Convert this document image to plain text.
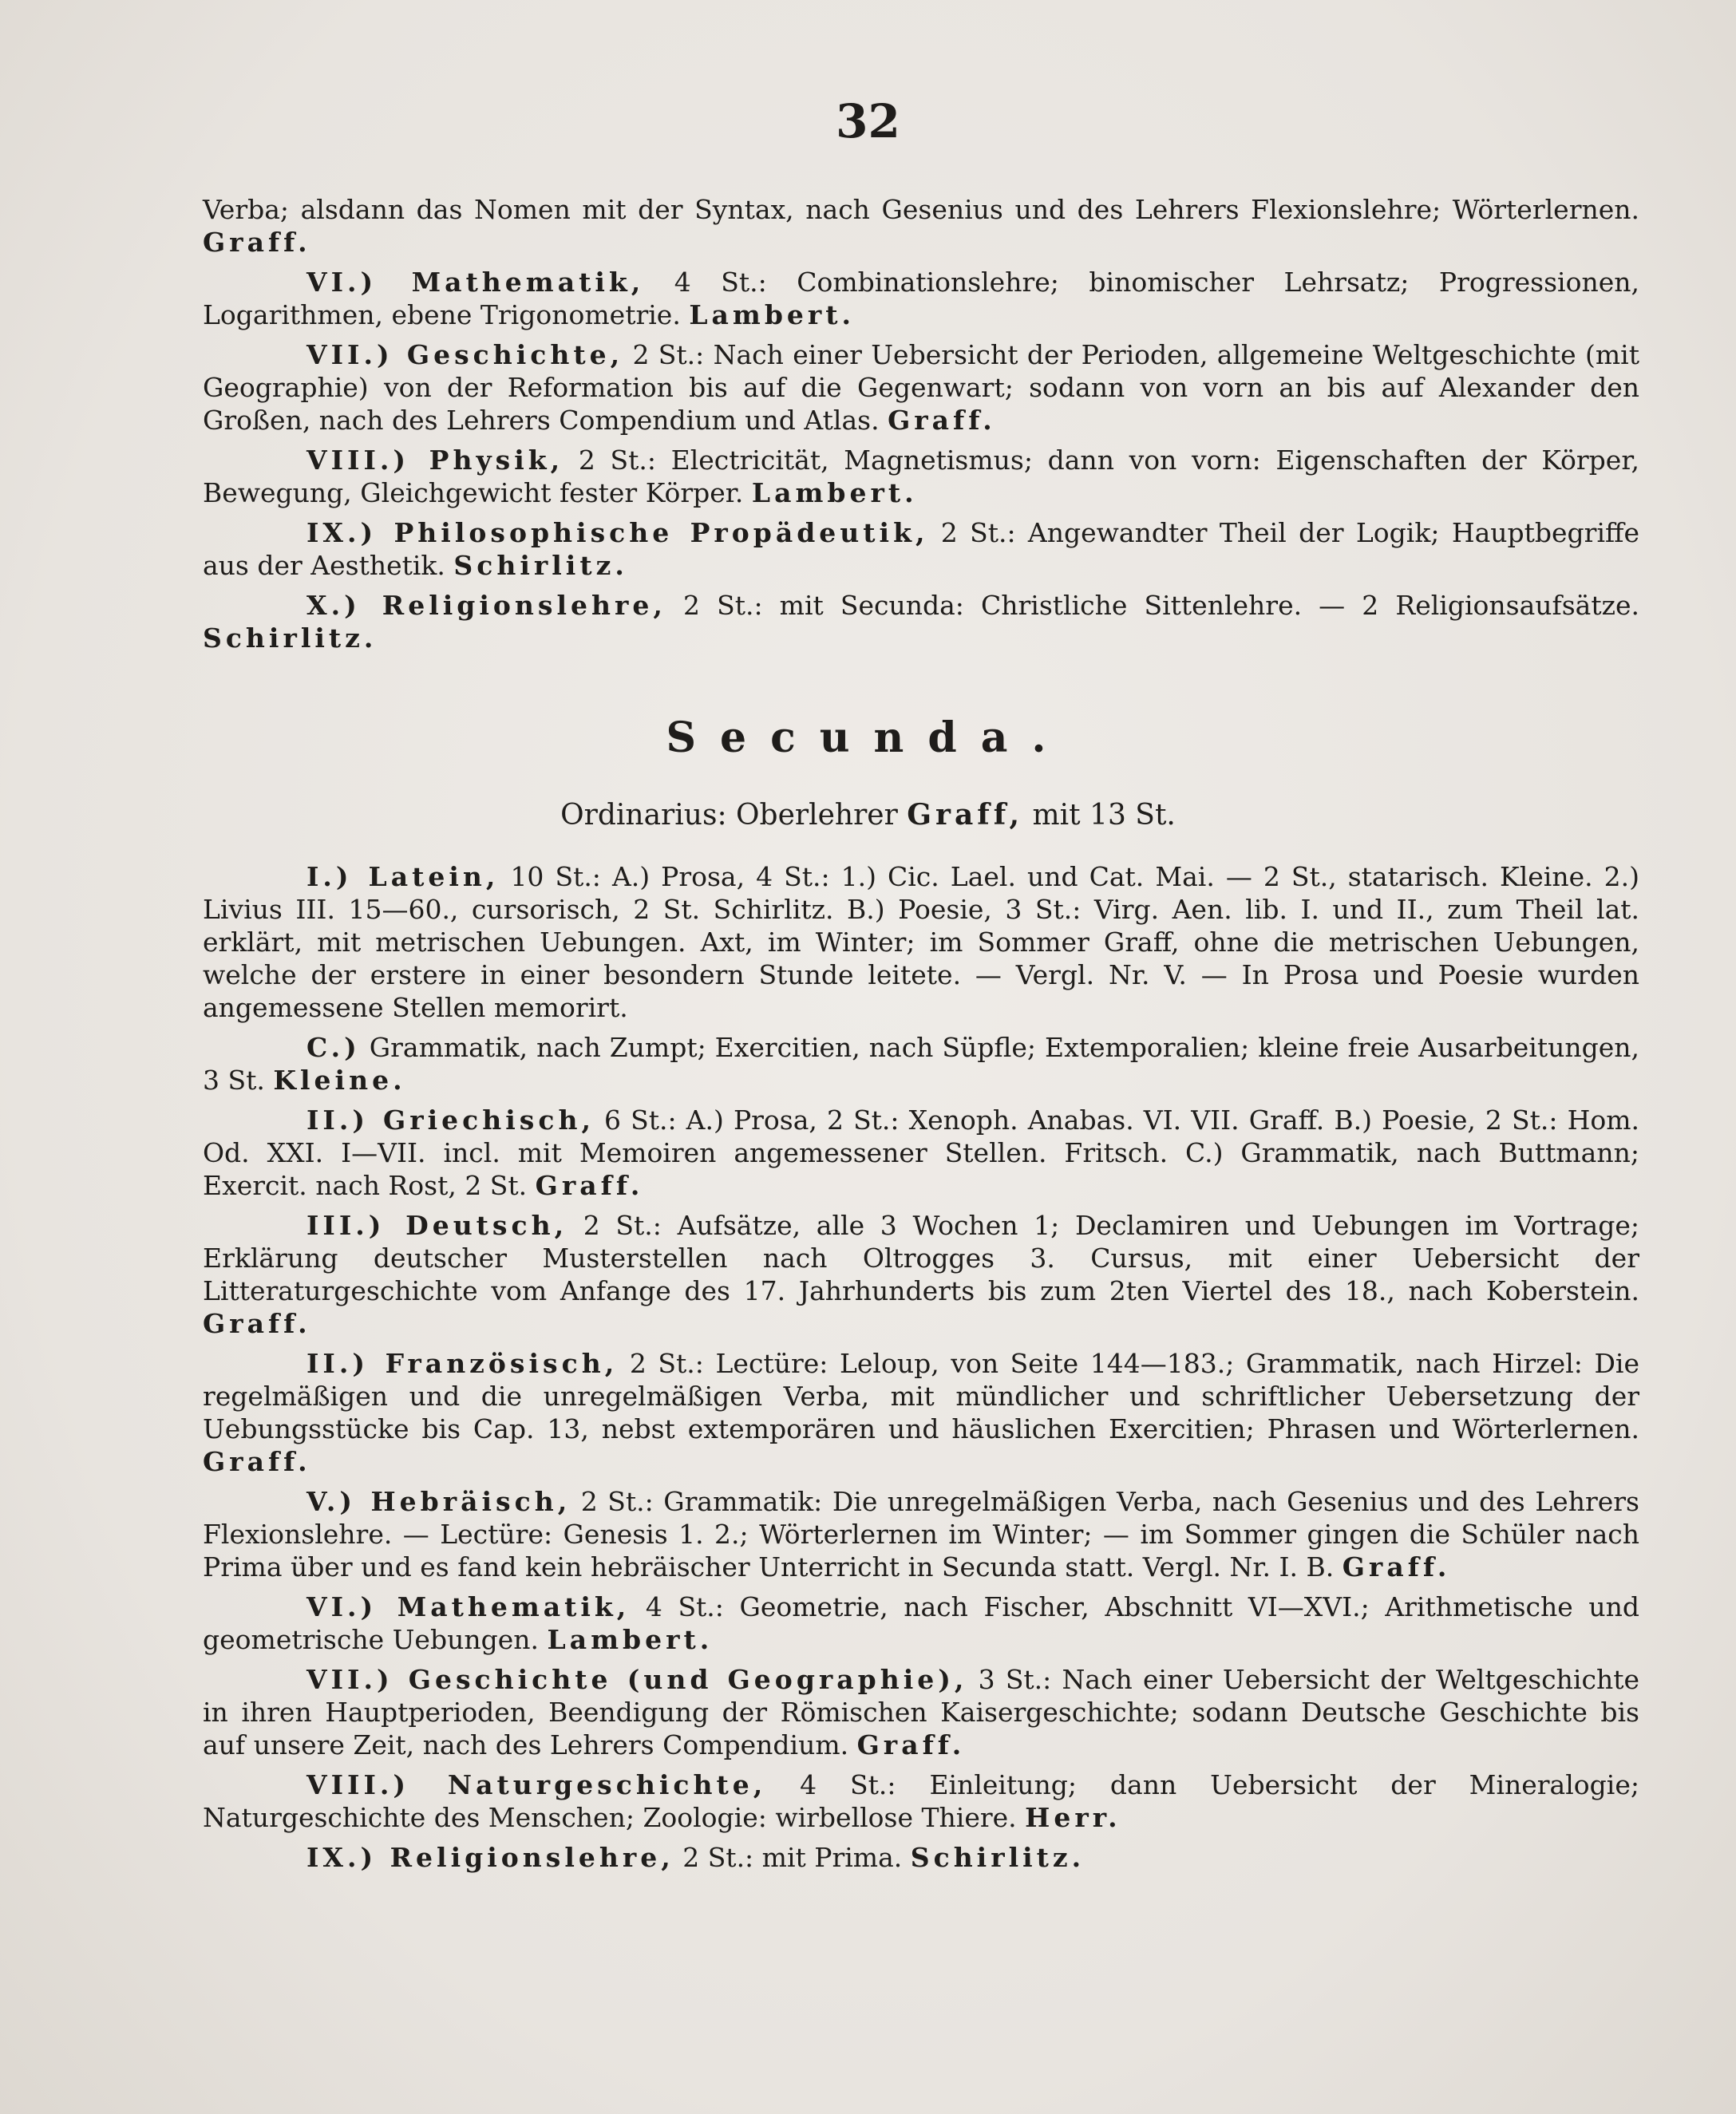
32

Verba; alsdann das Nomen mit der Syntax, nach Gesenius und des Lehrers Flexionslehre; Wörterlernen. Graff.

VI.) Mathematik, 4 St.: Combinationslehre; binomischer Lehrsatz; Progressionen, Logarithmen, ebene Trigonometrie. Lambert.

VII.) Geschichte, 2 St.: Nach einer Uebersicht der Perioden, allgemeine Weltgeschichte (mit Geographie) von der Reformation bis auf die Gegenwart; sodann von vorn an bis auf Alexander den Großen, nach des Lehrers Compendium und Atlas. Graff.

VIII.) Physik, 2 St.: Electricität, Magnetismus; dann von vorn: Eigenschaften der Körper, Bewegung, Gleichgewicht fester Körper. Lambert.

IX.) Philosophische Propädeutik, 2 St.: Angewandter Theil der Logik; Hauptbegriffe aus der Aesthetik. Schirlitz.

X.) Religionslehre, 2 St.: mit Secunda: Christliche Sittenlehre. — 2 Religionsaufsätze. Schirlitz.

Secunda.
Ordinarius: Oberlehrer Graff, mit 13 St.

I.) Latein, 10 St.: A.) Prosa, 4 St.: 1.) Cic. Lael. und Cat. Mai. — 2 St., statarisch. Kleine. 2.) Livius III. 15—60., cursorisch, 2 St. Schirlitz. B.) Poesie, 3 St.: Virg. Aen. lib. I. und II., zum Theil lat. erklärt, mit metrischen Uebungen. Axt, im Winter; im Sommer Graff, ohne die metrischen Uebungen, welche der erstere in einer besondern Stunde leitete. — Vergl. Nr. V. — In Prosa und Poesie wurden angemessene Stellen memorirt.

C.) Grammatik, nach Zumpt; Exercitien, nach Süpfle; Extemporalien; kleine freie Ausarbeitungen, 3 St. Kleine.

II.) Griechisch, 6 St.: A.) Prosa, 2 St.: Xenoph. Anabas. VI. VII. Graff. B.) Poesie, 2 St.: Hom. Od. XXI. I—VII. incl. mit Memoiren angemessener Stellen. Fritsch. C.) Grammatik, nach Buttmann; Exercit. nach Rost, 2 St. Graff.

III.) Deutsch, 2 St.: Aufsätze, alle 3 Wochen 1; Declamiren und Uebungen im Vortrage; Erklärung deutscher Musterstellen nach Oltrogges 3. Cursus, mit einer Uebersicht der Litteraturgeschichte vom Anfange des 17. Jahrhunderts bis zum 2ten Viertel des 18., nach Koberstein. Graff.

II.) Französisch, 2 St.: Lectüre: Leloup, von Seite 144—183.; Grammatik, nach Hirzel: Die regelmäßigen und die unregelmäßigen Verba, mit mündlicher und schriftlicher Uebersetzung der Uebungsstücke bis Cap. 13, nebst extemporären und häuslichen Exercitien; Phrasen und Wörterlernen. Graff.

V.) Hebräisch, 2 St.: Grammatik: Die unregelmäßigen Verba, nach Gesenius und des Lehrers Flexionslehre. — Lectüre: Genesis 1. 2.; Wörterlernen im Winter; — im Sommer gingen die Schüler nach Prima über und es fand kein hebräischer Unterricht in Secunda statt. Vergl. Nr. I. B. Graff.

VI.) Mathematik, 4 St.: Geometrie, nach Fischer, Abschnitt VI—XVI.; Arithmetische und geometrische Uebungen. Lambert.

VII.) Geschichte (und Geographie), 3 St.: Nach einer Uebersicht der Weltgeschichte in ihren Hauptperioden, Beendigung der Römischen Kaisergeschichte; sodann Deutsche Geschichte bis auf unsere Zeit, nach des Lehrers Compendium. Graff.

VIII.) Naturgeschichte, 4 St.: Einleitung; dann Uebersicht der Mineralogie; Naturgeschichte des Menschen; Zoologie: wirbellose Thiere. Herr.

IX.) Religionslehre, 2 St.: mit Prima. Schirlitz.
